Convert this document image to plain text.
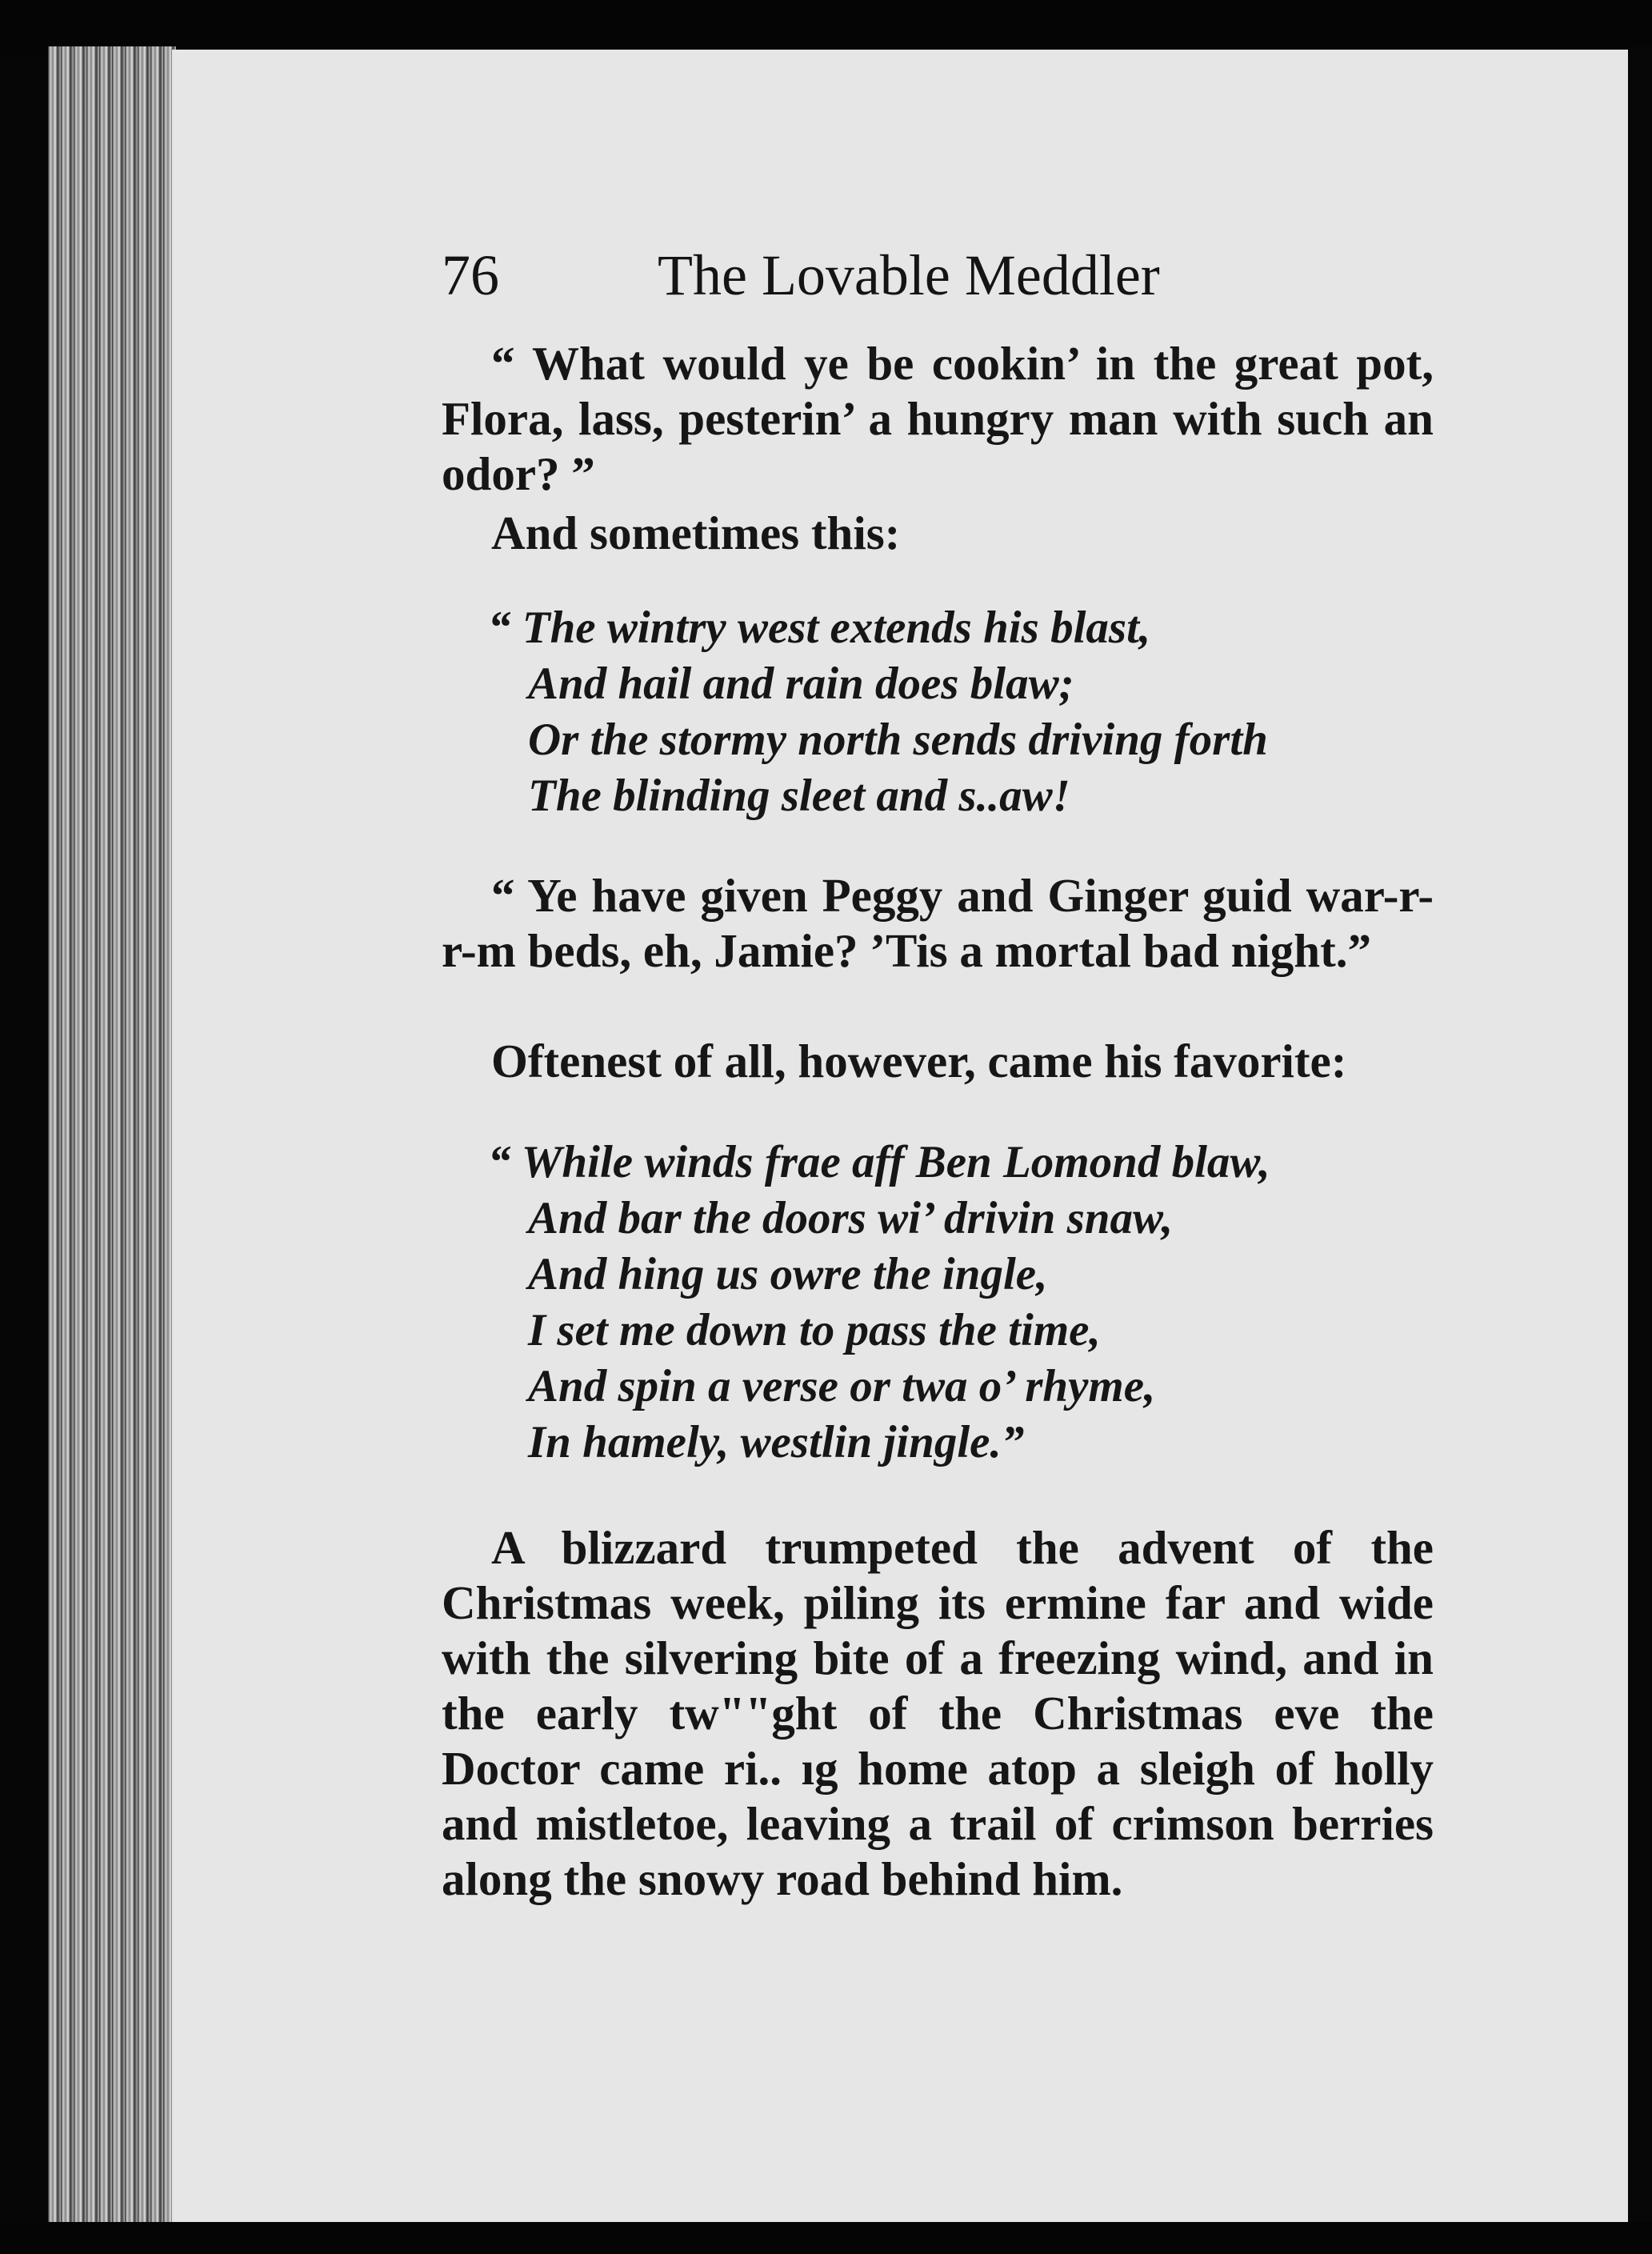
76	The Lovable Meddler

“ What would ye be cookin’ in the great pot, Flora, lass, pesterin’ a hungry man with such an odor? ”

And sometimes this:

“ The wintry west extends his blast,
And hail and rain does blaw;
Or the stormy north sends driving forth
The blinding sleet and s..aw!

“ Ye have given Peggy and Ginger guid war-r-r-m beds, eh, Jamie? ’Tis a mortal bad night.”

Oftenest of all, however, came his favorite:

“ While winds frae aff Ben Lomond blaw,
And bar the doors wi’ drivin snaw,
And hing us owre the ingle,
I set me down to pass the time,
And spin a verse or twa o’ rhyme,
In hamely, westlin jingle.”

A blizzard trumpeted the advent of the Christmas week, piling its ermine far and wide with the silvering bite of a freezing wind, and in the early tw""ght of the Christmas eve the Doctor came ri.. ıg home atop a sleigh of holly and mistletoe, leaving a trail of crimson berries along the snowy road behind him.
